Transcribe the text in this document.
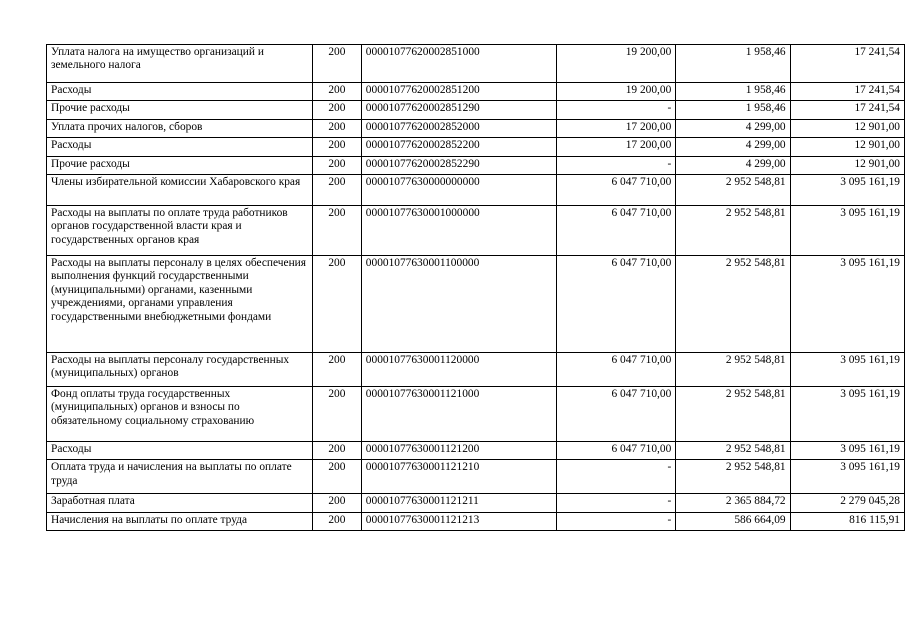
Уплата налога на имущество организаций и земельного налога	200	00001077620002851000	19 200,00	1 958,46	17 241,54
Расходы	200	00001077620002851200	19 200,00	1 958,46	17 241,54
Прочие расходы	200	00001077620002851290	-	1 958,46	17 241,54
Уплата прочих налогов, сборов	200	00001077620002852000	17 200,00	4 299,00	12 901,00
Расходы	200	00001077620002852200	17 200,00	4 299,00	12 901,00
Прочие расходы	200	00001077620002852290	-	4 299,00	12 901,00
Члены избирательной комиссии Хабаровского края	200	00001077630000000000	6 047 710,00	2 952 548,81	3 095 161,19
Расходы на выплаты по оплате труда работников органов государственной власти края и государственных органов края	200	00001077630001000000	6 047 710,00	2 952 548,81	3 095 161,19
Расходы на выплаты персоналу в целях обеспечения выполнения функций государственными (муниципальными) органами, казенными учреждениями, органами управления государственными внебюджетными фондами	200	00001077630001100000	6 047 710,00	2 952 548,81	3 095 161,19
Расходы на выплаты персоналу государственных (муниципальных) органов	200	00001077630001120000	6 047 710,00	2 952 548,81	3 095 161,19
Фонд оплаты труда государственных (муниципальных) органов и взносы по обязательному социальному страхованию	200	00001077630001121000	6 047 710,00	2 952 548,81	3 095 161,19
Расходы	200	00001077630001121200	6 047 710,00	2 952 548,81	3 095 161,19
Оплата труда и начисления на выплаты по оплате труда	200	00001077630001121210	-	2 952 548,81	3 095 161,19
Заработная плата	200	00001077630001121211	-	2 365 884,72	2 279 045,28
Начисления на выплаты по оплате труда	200	00001077630001121213	-	586 664,09	816 115,91
